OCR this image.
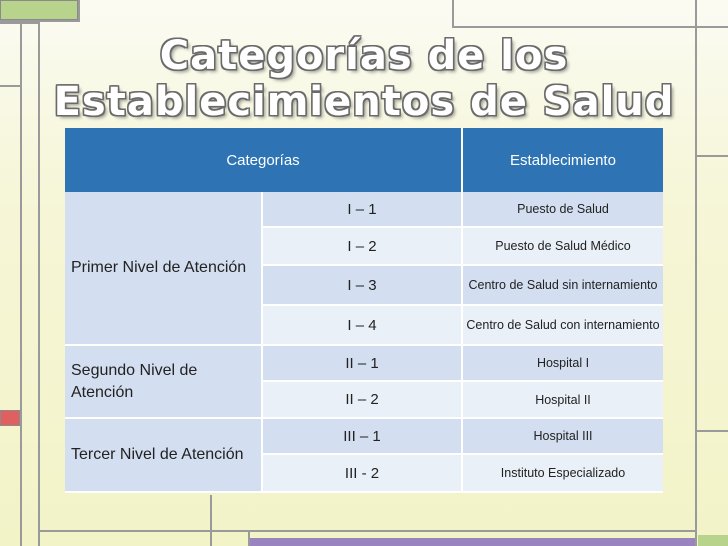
Categorías de los
Establecimientos de Salud
Categorías		Establecimiento
Primer Nivel de Atención	I – 1	Puesto de Salud
	I – 2	Puesto de Salud Médico
	I – 3	Centro de Salud sin internamiento
	I – 4	Centro de Salud con internamiento
Segundo Nivel de Atención	II – 1	Hospital I
	II – 2	Hospital II
Tercer Nivel de Atención	III – 1	Hospital III
	III - 2	Instituto Especializado
